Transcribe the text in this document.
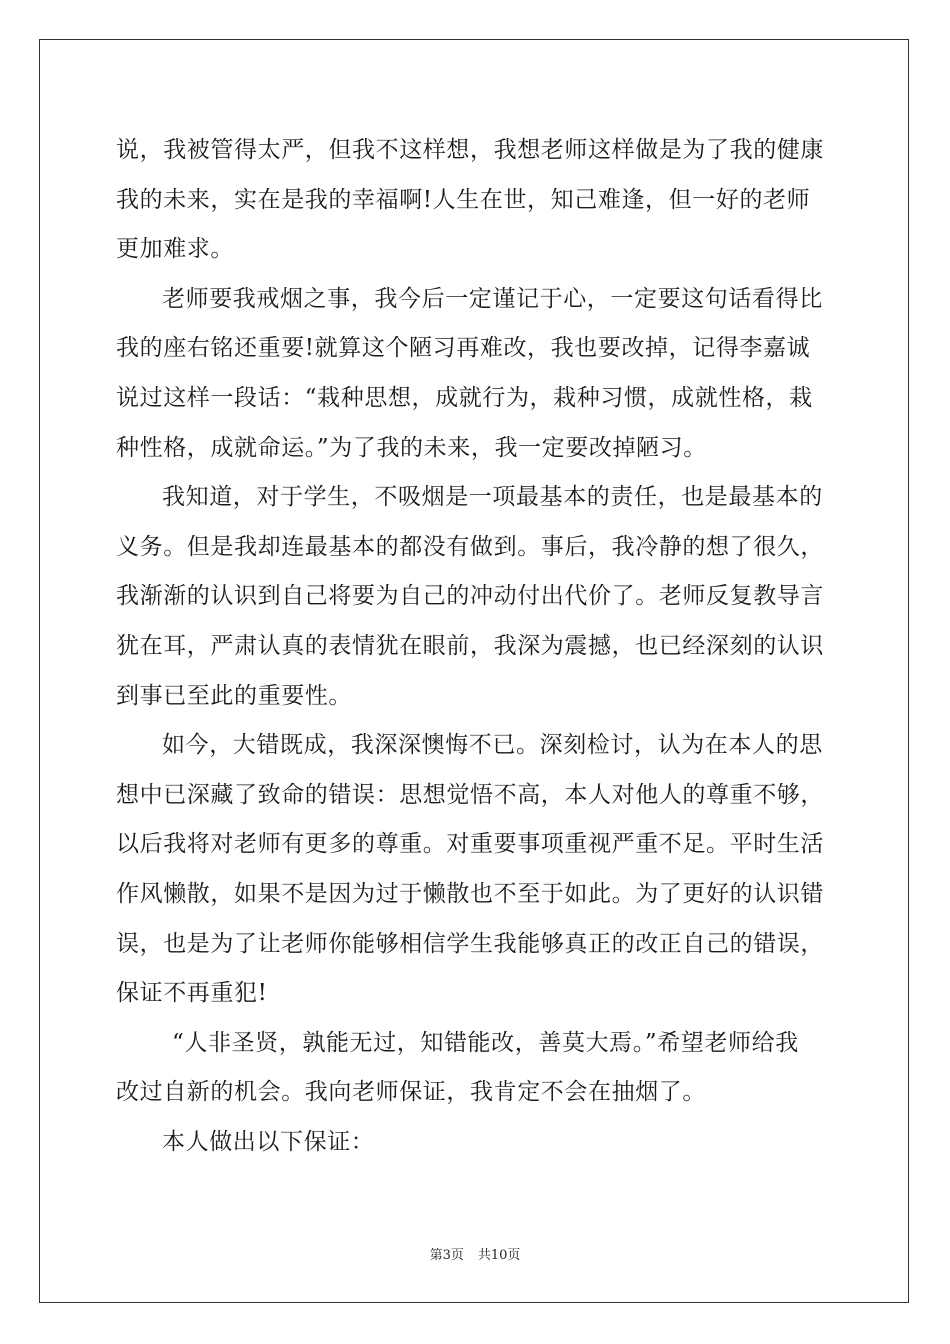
说，我被管得太严，但我不这样想，我想老师这样做是为了我的健康
我的未来，实在是我的幸福啊!人生在世，知己难逢，但一好的老师
更加难求。
老师要我戒烟之事，我今后一定谨记于心，一定要这句话看得比
我的座右铭还重要!就算这个陋习再难改，我也要改掉，记得李嘉诚
说过这样一段话：“栽种思想，成就行为，栽种习惯，成就性格，栽
种性格，成就命运。”为了我的未来，我一定要改掉陋习。
我知道，对于学生，不吸烟是一项最基本的责任，也是最基本的
义务。但是我却连最基本的都没有做到。事后，我冷静的想了很久，
我渐渐的认识到自己将要为自己的冲动付出代价了。老师反复教导言
犹在耳，严肃认真的表情犹在眼前，我深为震撼，也已经深刻的认识
到事已至此的重要性。
如今，大错既成，我深深懊悔不已。深刻检讨，认为在本人的思
想中已深藏了致命的错误：思想觉悟不高，本人对他人的尊重不够，
以后我将对老师有更多的尊重。对重要事项重视严重不足。平时生活
作风懒散，如果不是因为过于懒散也不至于如此。为了更好的认识错
误，也是为了让老师你能够相信学生我能够真正的改正自己的错误，
保证不再重犯!
“人非圣贤，孰能无过，知错能改，善莫大焉。”希望老师给我
改过自新的机会。我向老师保证，我肯定不会在抽烟了。
本人做出以下保证：
第3页 共10页
